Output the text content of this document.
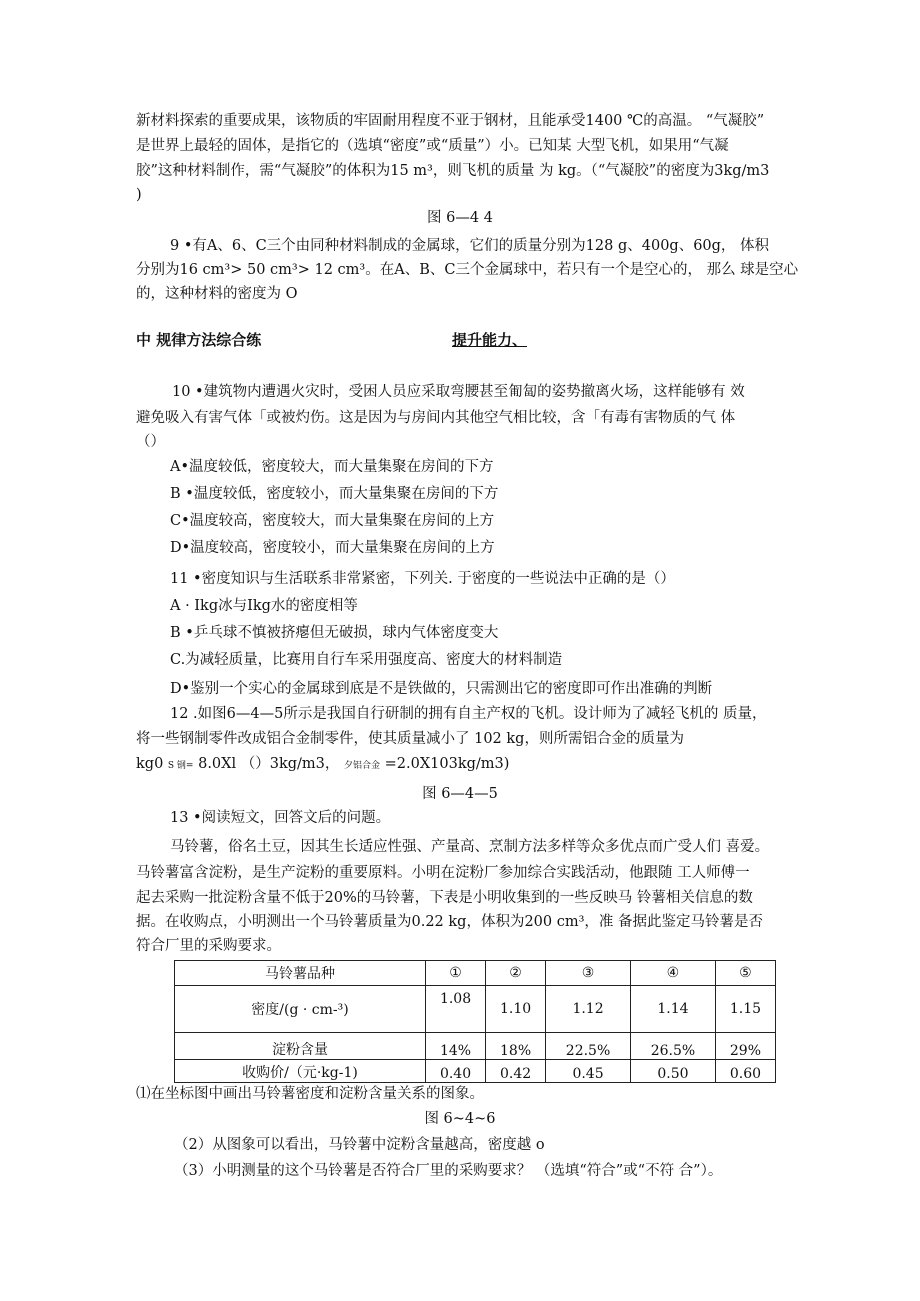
新材料探索的重要成果，该物质的牢固耐用程度不亚于钢材，且能承受1400 ℃的高温。 “气凝胶”
是世界上最轻的固体，是指它的（选填“密度”或“质量”）小。已知某 大型飞机，如果用“气凝
胶”这种材料制作，需“气凝胶”的体积为15 m³，则飞机的质量 为 kg。（“气凝胶”的密度为3kg∕m3
)
图 6—4 4
9 •有A、6、C三个由同种材料制成的金属球，它们的质量分别为128 g、400g、60g， 体积
分别为16 cm³> 50 cm³> 12 cm³。在A、B、C三个金属球中，若只有一个是空心的， 那么 球是空心
的，这种材料的密度为 O
中 规律方法综合练	提升能力、
10 •建筑物内遭遇火灾时，受困人员应采取弯腰甚至匍匐的姿势撤离火场，这样能够有 效
避免吸入有害气体「或被灼伤。这是因为与房间内其他空气相比较，含「有毒有害物质的气 体
（）
A•温度较低，密度较大，而大量集聚在房间的下方
B •温度较低，密度较小，而大量集聚在房间的下方
C•温度较高，密度较大，而大量集聚在房间的上方
D•温度较高，密度较小，而大量集聚在房间的上方
11 •密度知识与生活联系非常紧密，下列关. 于密度的一些说法中正确的是（）
A · Ikg冰与Ikg水的密度相等
B •乒乓球不慎被挤瘪但无破损，球内气体密度变大
C.为减轻质量，比赛用自行车采用强度高、密度大的材料制造
D•鉴别一个实心的金属球到底是不是铁做的，只需测出它的密度即可作出准确的判断
12 .如图6—4—5所示是我国自行研制的拥有自主产权的飞机。设计师为了减轻飞机的 质量，
将一些钢制零件改成铝合金制零件，使其质量减小了 102 kg，则所需铝合金的质量为
kg0 S 钢= 8.0Xl （）3kg∕m3， 夕铝合金 =2.0X103kg∕m3)
图 6—4—5
13 •阅读短文，回答文后的问题。
马铃薯，俗名土豆，因其生长适应性强、产量高、烹制方法多样等众多优点而广受人们 喜爱。
马铃薯富含淀粉，是生产淀粉的重要原料。小明在淀粉厂参加综合实践活动，他跟随 工人师傅一
起去采购一批淀粉含量不低于20%的马铃薯，下表是小明收集到的一些反映马 铃薯相关信息的数
据。在收购点，小明测出一个马铃薯质量为0.22 kg，体积为200 cm³，准 备据此鉴定马铃薯是否
符合厂里的采购要求。
马铃薯品种	①	②	③	④	⑤
密度/(g · cm-³)	1.08	1.10	1.12	1.14	1.15
淀粉含量	14%	18%	22.5%	26.5%	29%
收购价/（元·kg-1)	0.40	0.42	0.45	0.50	0.60
⑴在坐标图中画出马铃薯密度和淀粉含量关系的图象。
图 6~4~6
（2）从图象可以看出，马铃薯中淀粉含量越高，密度越 o
（3）小明测量的这个马铃薯是否符合厂里的采购要求？ （选填“符合”或“不符 合”）。
